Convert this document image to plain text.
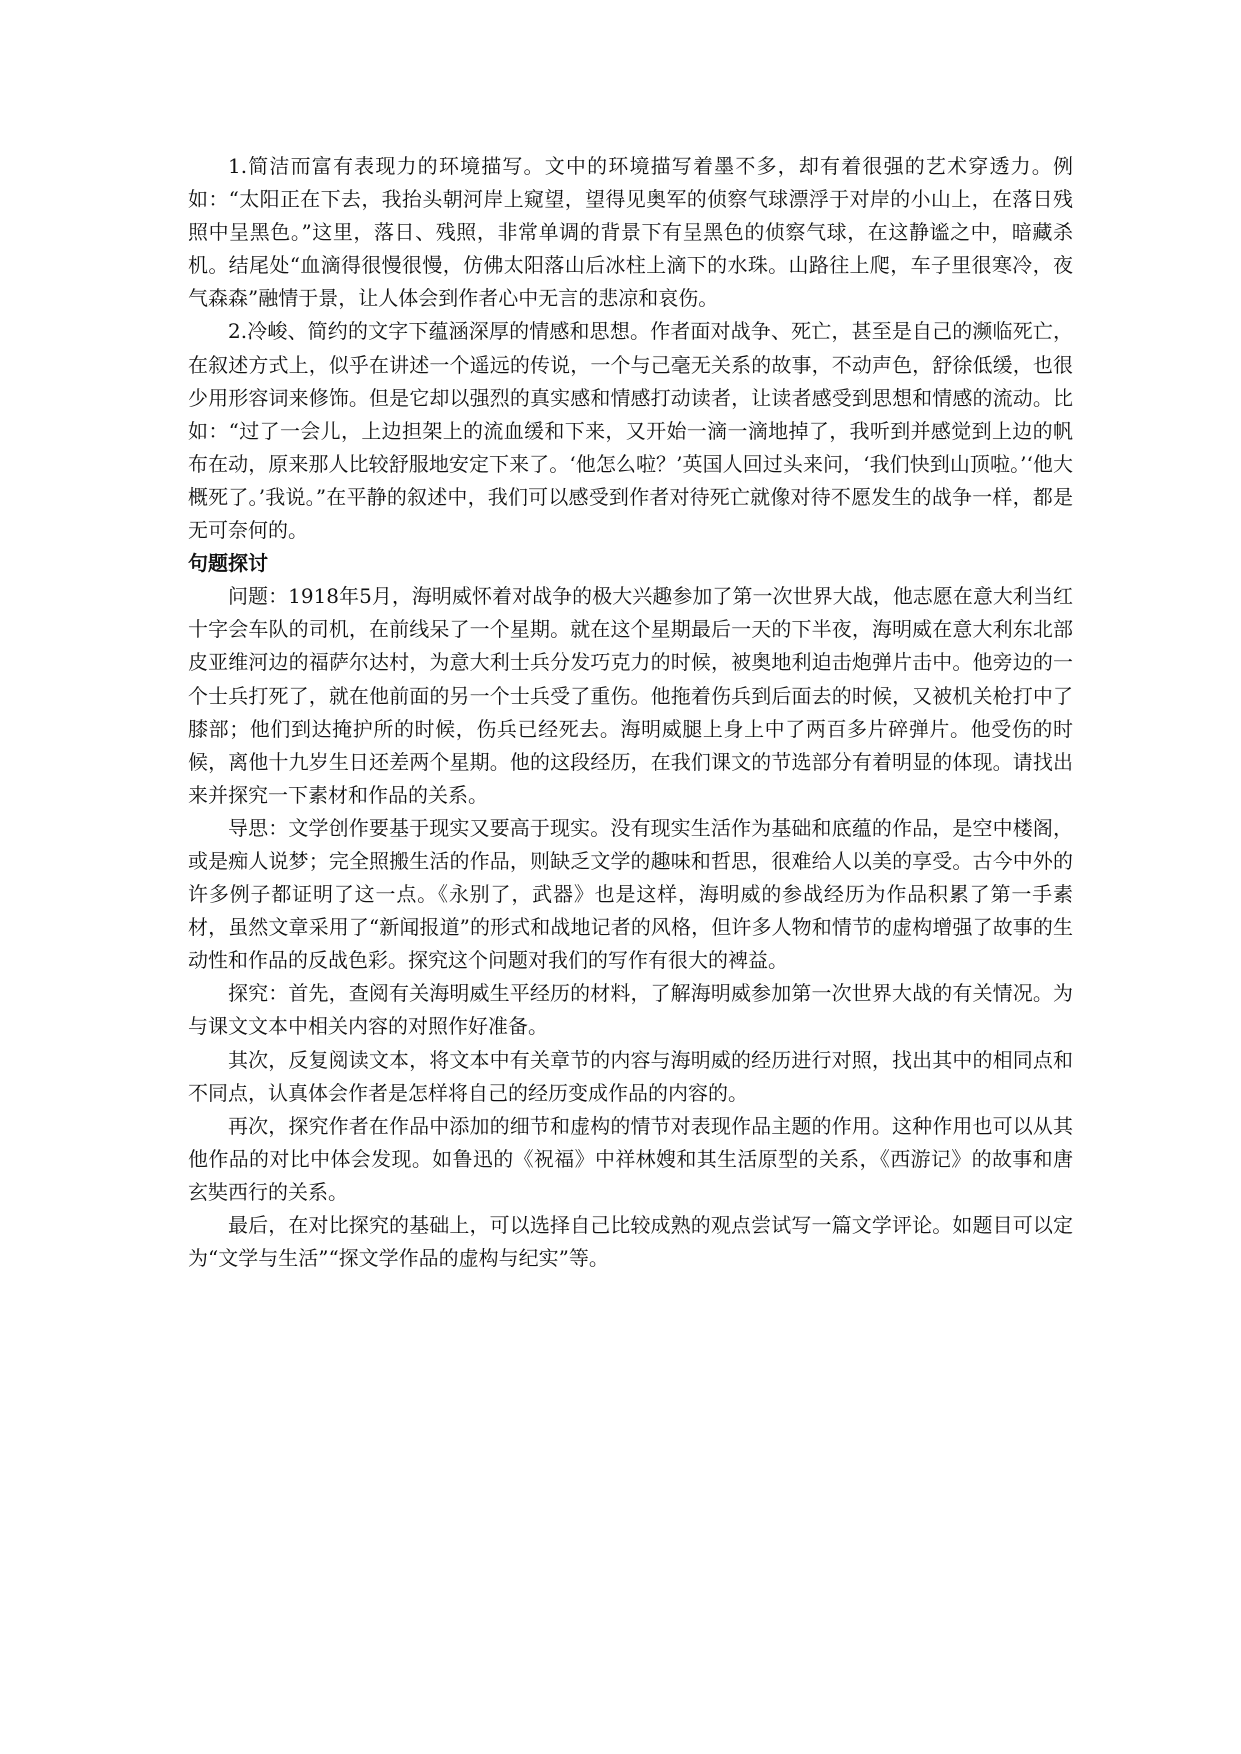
1.简洁而富有表现力的环境描写。文中的环境描写着墨不多，却有着很强的艺术穿透力。例如：“太阳正在下去，我抬头朝河岸上窥望，望得见奥军的侦察气球漂浮于对岸的小山上，在落日残照中呈黑色。”这里，落日、残照，非常单调的背景下有呈黑色的侦察气球，在这静谧之中，暗藏杀机。结尾处“血滴得很慢很慢，仿佛太阳落山后冰柱上滴下的水珠。山路往上爬，车子里很寒冷，夜气森森”融情于景，让人体会到作者心中无言的悲凉和哀伤。

2.冷峻、简约的文字下蕴涵深厚的情感和思想。作者面对战争、死亡，甚至是自己的濒临死亡，在叙述方式上，似乎在讲述一个遥远的传说，一个与己毫无关系的故事，不动声色，舒徐低缓，也很少用形容词来修饰。但是它却以强烈的真实感和情感打动读者，让读者感受到思想和情感的流动。比如：“过了一会儿，上边担架上的流血缓和下来，又开始一滴一滴地掉了，我听到并感觉到上边的帆布在动，原来那人比较舒服地安定下来了。‘他怎么啦？’英国人回过头来问，‘我们快到山顶啦。’‘他大概死了。’我说。”在平静的叙述中，我们可以感受到作者对待死亡就像对待不愿发生的战争一样，都是无可奈何的。

句题探讨

问题：1918年5月，海明威怀着对战争的极大兴趣参加了第一次世界大战，他志愿在意大利当红十字会车队的司机，在前线呆了一个星期。就在这个星期最后一天的下半夜，海明威在意大利东北部皮亚维河边的福萨尔达村，为意大利士兵分发巧克力的时候，被奥地利迫击炮弹片击中。他旁边的一个士兵打死了，就在他前面的另一个士兵受了重伤。他拖着伤兵到后面去的时候，又被机关枪打中了膝部；他们到达掩护所的时候，伤兵已经死去。海明威腿上身上中了两百多片碎弹片。他受伤的时候，离他十九岁生日还差两个星期。他的这段经历，在我们课文的节选部分有着明显的体现。请找出来并探究一下素材和作品的关系。

导思：文学创作要基于现实又要高于现实。没有现实生活作为基础和底蕴的作品，是空中楼阁，或是痴人说梦；完全照搬生活的作品，则缺乏文学的趣味和哲思，很难给人以美的享受。古今中外的许多例子都证明了这一点。《永别了，武器》也是这样，海明威的参战经历为作品积累了第一手素材，虽然文章采用了“新闻报道”的形式和战地记者的风格，但许多人物和情节的虚构增强了故事的生动性和作品的反战色彩。探究这个问题对我们的写作有很大的裨益。

探究：首先，查阅有关海明威生平经历的材料，了解海明威参加第一次世界大战的有关情况。为与课文文本中相关内容的对照作好准备。

其次，反复阅读文本，将文本中有关章节的内容与海明威的经历进行对照，找出其中的相同点和不同点，认真体会作者是怎样将自己的经历变成作品的内容的。

再次，探究作者在作品中添加的细节和虚构的情节对表现作品主题的作用。这种作用也可以从其他作品的对比中体会发现。如鲁迅的《祝福》中祥林嫂和其生活原型的关系，《西游记》的故事和唐玄奘西行的关系。

最后，在对比探究的基础上，可以选择自己比较成熟的观点尝试写一篇文学评论。如题目可以定为“文学与生活”“探文学作品的虚构与纪实”等。
